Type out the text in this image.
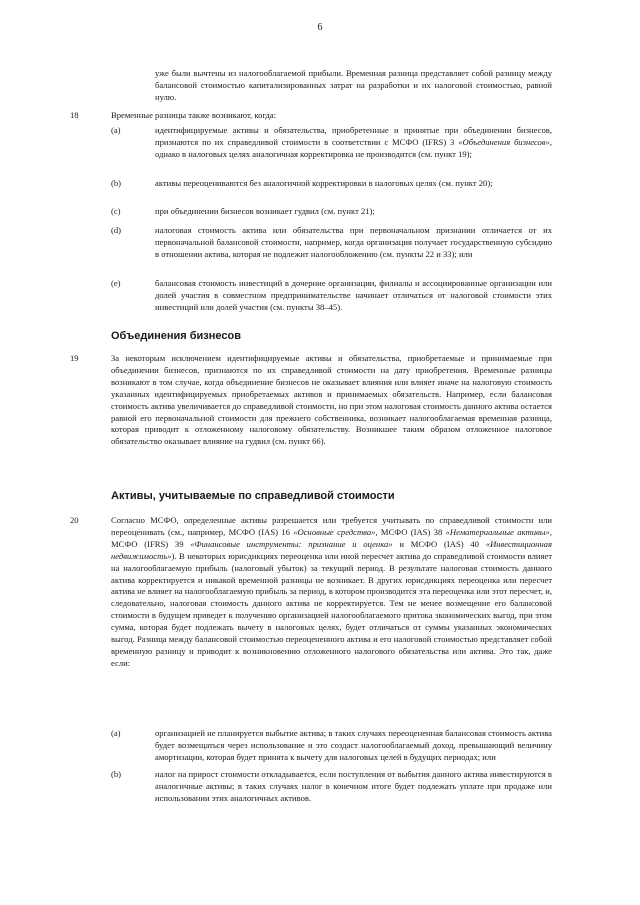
6

уже были вычтены из налогооблагаемой прибыли. Временная разница представляет собой разницу между балансовой стоимостью капитализированных затрат на разработки и их налоговой стоимостью, равной нулю.

18	Временные разницы также возникают, когда:

(a)	идентифицируемые активы и обязательства, приобретенные и принятые при объединении бизнесов, признаются по их справедливой стоимости в соответствии с МСФО (IFRS) 3 «Объединения бизнесов», однако в налоговых целях аналогичная корректировка не производится (см. пункт 19);

(b)	активы переоцениваются без аналогичной корректировки в налоговых целях (см. пункт 20);

(c)	при объединении бизнесов возникает гудвил (см. пункт 21);

(d)	налоговая стоимость актива или обязательства при первоначальном признании отличается от их первоначальной балансовой стоимости, например, когда организация получает государственную субсидию в отношении актива, которая не подлежит налогообложению (см. пункты 22 и 33); или

(e)	балансовая стоимость инвестиций в дочерние организации, филиалы и ассоциированные организации или долей участия в совместном предпринимательстве начинает отличаться от налоговой стоимости этих инвестиций или долей участия (см. пункты 38–45).

Объединения бизнесов
19	За некоторым исключением идентифицируемые активы и обязательства, приобретаемые и принимаемые при объединении бизнесов, признаются по их справедливой стоимости на дату приобретения. Временные разницы возникают в том случае, когда объединение бизнесов не оказывает влияния или влияет иначе на налоговую стоимость указанных идентифицируемых приобретаемых активов и принимаемых обязательств. Например, если балансовая стоимость актива увеличивается до справедливой стоимости, но при этом налоговая стоимость данного актива остается равной его первоначальной стоимости для прежнего собственника, возникает налогооблагаемая временная разница, которая приводит к отложенному налоговому обязательству. Возникшее таким образом отложенное налоговое обязательство оказывает влияние на гудвил (см. пункт 66).

Активы, учитываемые по справедливой стоимости
20	Согласно МСФО, определенные активы разрешается или требуется учитывать по справедливой стоимости или переоценивать (см., например, МСФО (IAS) 16 «Основные средства», МСФО (IAS) 38 «Нематериальные активы», МСФО (IFRS) 39 «Финансовые инструменты: признание и оценка» и МСФО (IAS) 40 «Инвестиционная недвижимость»). В некоторых юрисдикциях переоценка или иной пересчет актива до справедливой стоимости влияет на налогооблагаемую прибыль (налоговый убыток) за текущий период. В результате налоговая стоимость данного актива корректируется и никакой временной разницы не возникает. В других юрисдикциях переоценка или пересчет актива не влияет на налогооблагаемую прибыль за период, в котором производится эта переоценка или этот пересчет, и, следовательно, налоговая стоимость данного актива не корректируется. Тем не менее возмещение его балансовой стоимости в будущем приведет к получению организацией налогооблагаемого притока экономических выгод, при этом сумма, которая будет подлежать вычету в налоговых целях, будет отличаться от суммы указанных экономических выгод. Разница между балансовой стоимостью переоцененного актива и его налоговой стоимостью представляет собой временную разницу и приводит к возникновению отложенного налогового обязательства или актива. Это так, даже если:

(a)	организацией не планируется выбытие актива; в таких случаях переоцененная балансовая стоимость актива будет возмещаться через использование и это создаст налогооблагаемый доход, превышающий величину амортизации, которая будет принята к вычету для налоговых целей в будущих периодах; или

(b)	налог на прирост стоимости откладывается, если поступления от выбытия данного актива инвестируются в аналогичные активы; в таких случаях налог в конечном итоге будет подлежать уплате при продаже или использовании этих аналогичных активов.
